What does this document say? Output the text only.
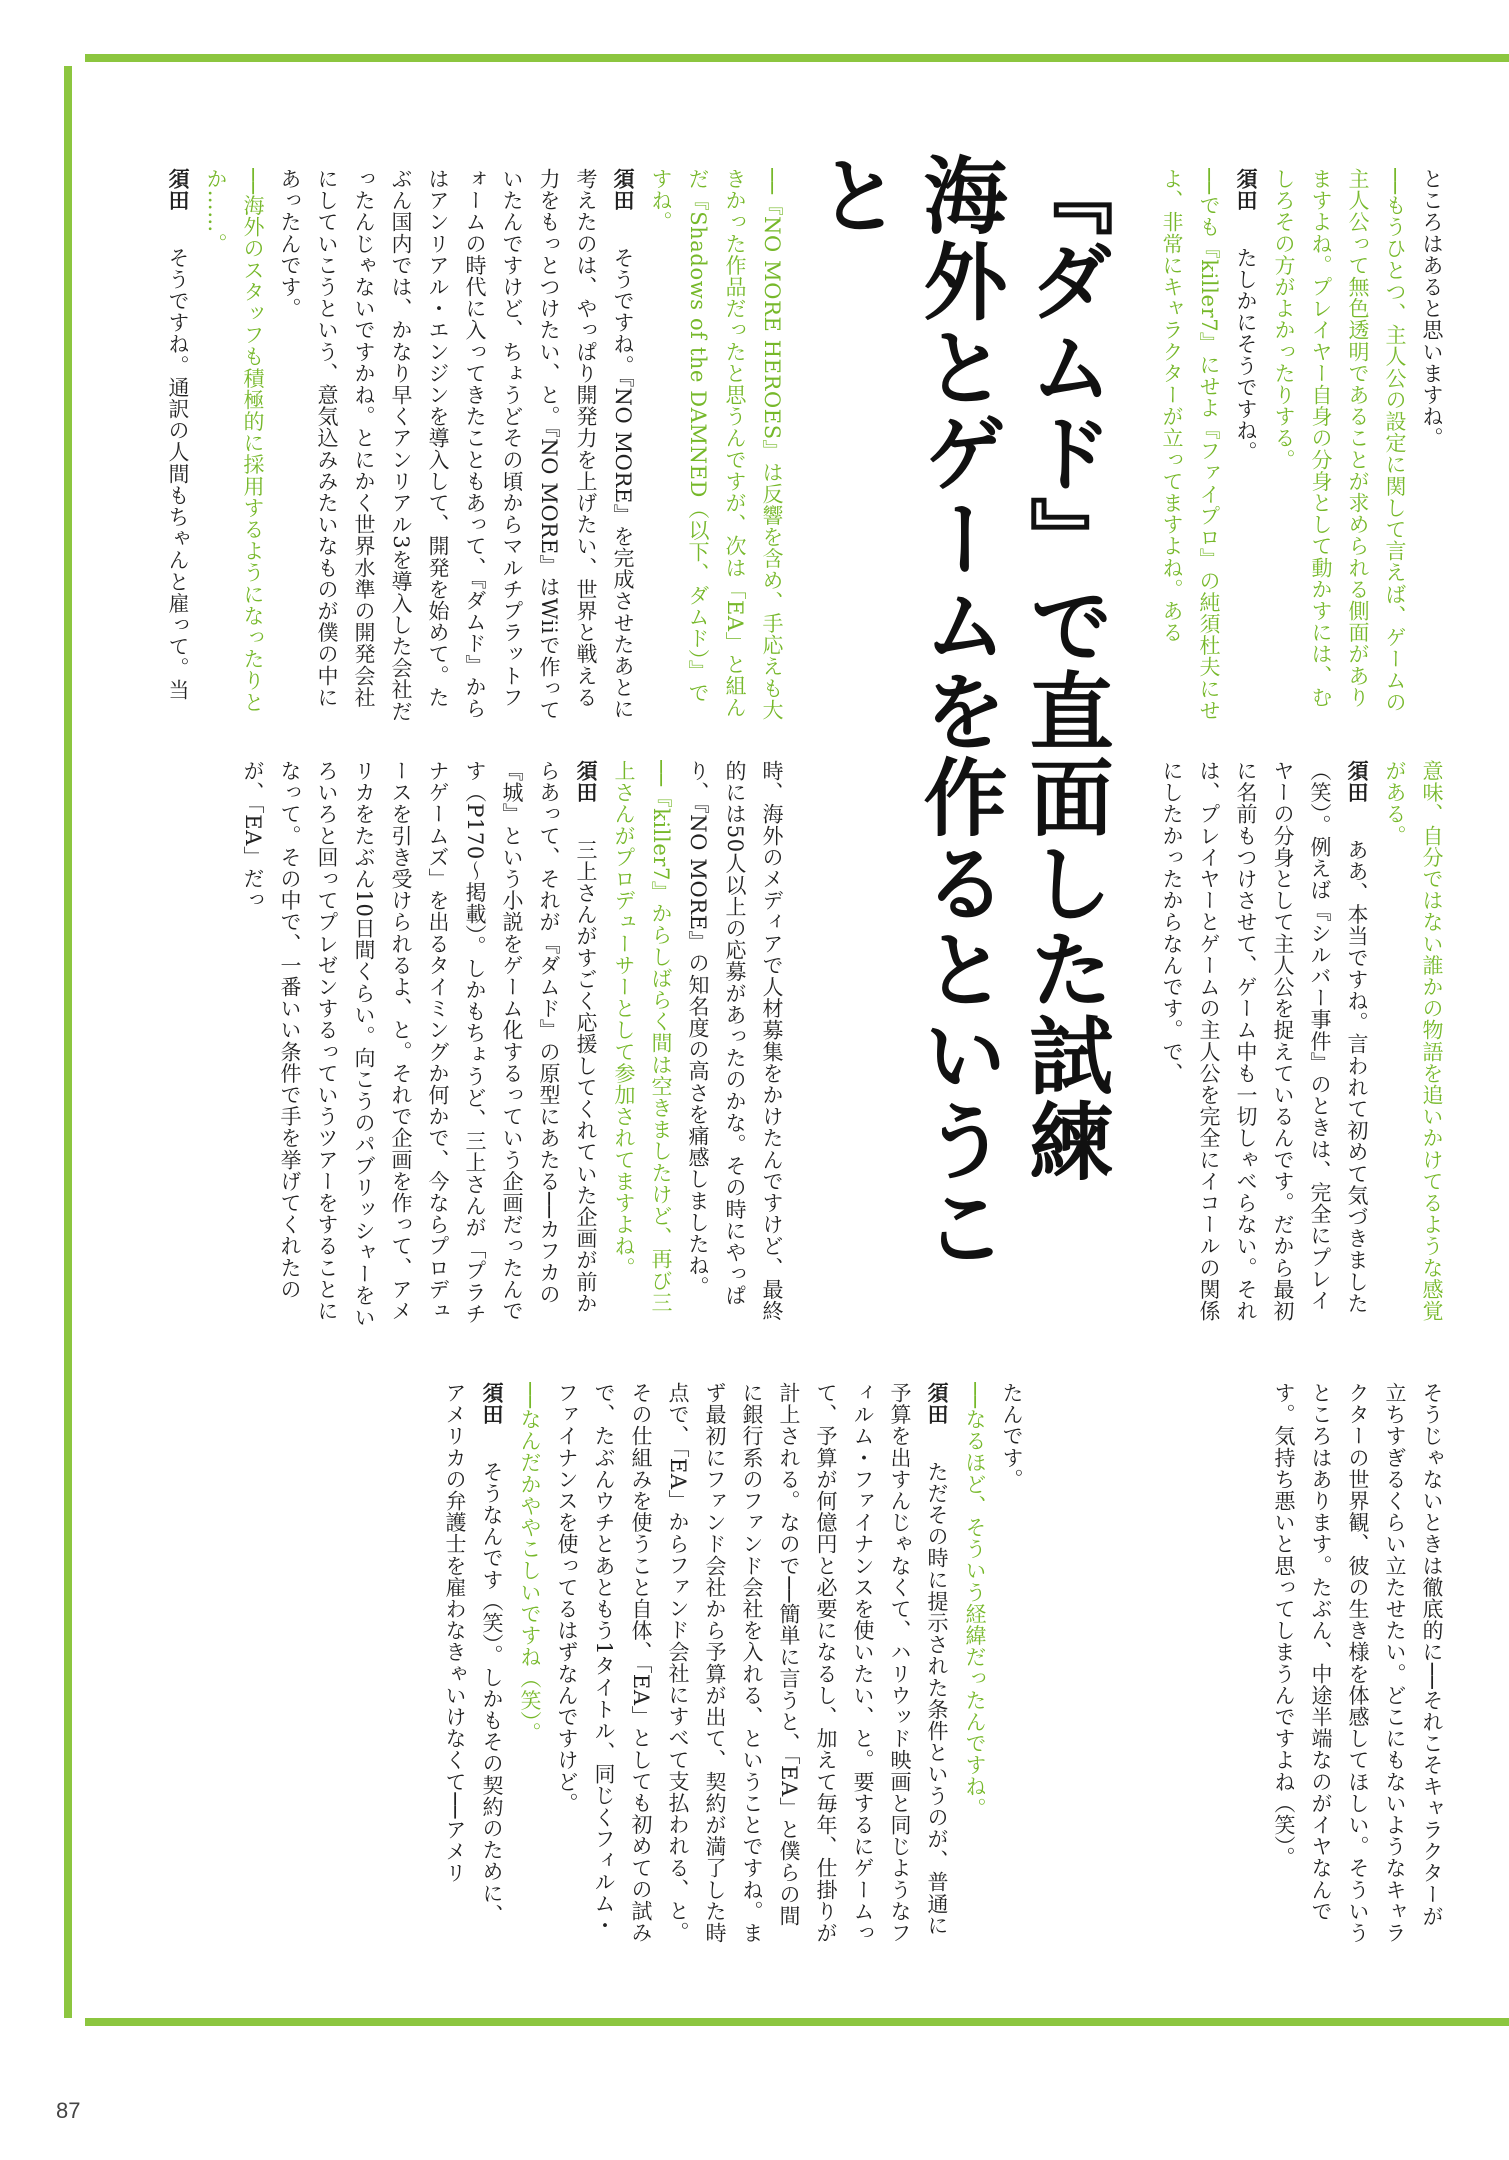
『ダムド』で直面した試練
海外とゲームを作るということ	ところはあると思いますね。

──もうひとつ、主人公の設定に関して言えば、ゲームの主人公って無色透明であることが求められる側面がありますよね。プレイヤー自身の分身として動かすには、むしろその方がよかったりする。

須田　たしかにそうですね。

──でも『killer7』にせよ『ファイプロ』の純須杜夫にせよ、非常にキャラクターが立ってますよね。ある

──『NO MORE HEROES』は反響を含め、手応えも大きかった作品だったと思うんですが、次は「EA」と組んだ『Shadows of the DAMNED（以下、ダムド）』ですね。

須田　そうですね。『NO MORE』を完成させたあとに考えたのは、やっぱり開発力を上げたい、世界と戦える力をもっとつけたい、と。『NO MORE』はWiiで作っていたんですけど、ちょうどその頃からマルチプラットフォームの時代に入ってきたこともあって、『ダムド』からはアンリアル・エンジンを導入して、開発を始めて。たぶん国内では、かなり早くアンリアル3を導入した会社だったんじゃないですかね。とにかく世界水準の開発会社にしていこうという、意気込みみたいなものが僕の中にあったんです。

──海外のスタッフも積極的に採用するようになったりとか……。

須田　そうですね。通訳の人間もちゃんと雇って。当

意味、自分ではない誰かの物語を追いかけてるような感覚がある。

須田　ああ、本当ですね。言われて初めて気づきました（笑）。例えば『シルバー事件』のときは、完全にプレイヤーの分身として主人公を捉えているんです。だから最初に名前もつけさせて、ゲーム中も一切しゃべらない。それは、プレイヤーとゲームの主人公を完全にイコールの関係にしたかったからなんです。で、

時、海外のメディアで人材募集をかけたんですけど、最終的には50人以上の応募があったのかな。その時にやっぱり、『NO MORE』の知名度の高さを痛感しましたね。

──『killer7』からしばらく間は空きましたけど、再び三上さんがプロデューサーとして参加されてますよね。

須田　三上さんがすごく応援してくれていた企画が前からあって、それが『ダムド』の原型にあたる──カフカの『城』という小説をゲーム化するっていう企画だったんです（P170〜掲載）。しかもちょうど、三上さんが「プラチナゲームズ」を出るタイミングか何かで、今ならプロデュースを引き受けられるよ、と。それで企画を作って、アメリカをたぶん10日間くらい。向こうのパブリッシャーをいろいろと回ってプレゼンするっていうツアーをすることになって。その中で、一番いい条件で手を挙げてくれたのが、「EA」だっ

そうじゃないときは徹底的に──それこそキャラクターが立ちすぎるくらい立たせたい。どこにもないようなキャラクターの世界観、彼の生き様を体感してほしい。そういうところはあります。たぶん、中途半端なのがイヤなんです。気持ち悪いと思ってしまうんですよね（笑）。

たんです。

──なるほど、そういう経緯だったんですね。

須田　ただその時に提示された条件というのが、普通に予算を出すんじゃなくて、ハリウッド映画と同じようなフィルム・ファイナンスを使いたい、と。要するにゲームって、予算が何億円と必要になるし、加えて毎年、仕掛りが計上される。なので──簡単に言うと、「EA」と僕らの間に銀行系のファンド会社を入れる、ということですね。まず最初にファンド会社から予算が出て、契約が満了した時点で、「EA」からファンド会社にすべて支払われる、と。その仕組みを使うこと自体、「EA」としても初めての試みで、たぶんウチとあともう1タイトル、同じくフィルム・ファイナンスを使ってるはずなんですけど。

──なんだかややこしいですね（笑）。

須田　そうなんです（笑）。しかもその契約のために、アメリカの弁護士を雇わなきゃいけなくて──アメリ

87
